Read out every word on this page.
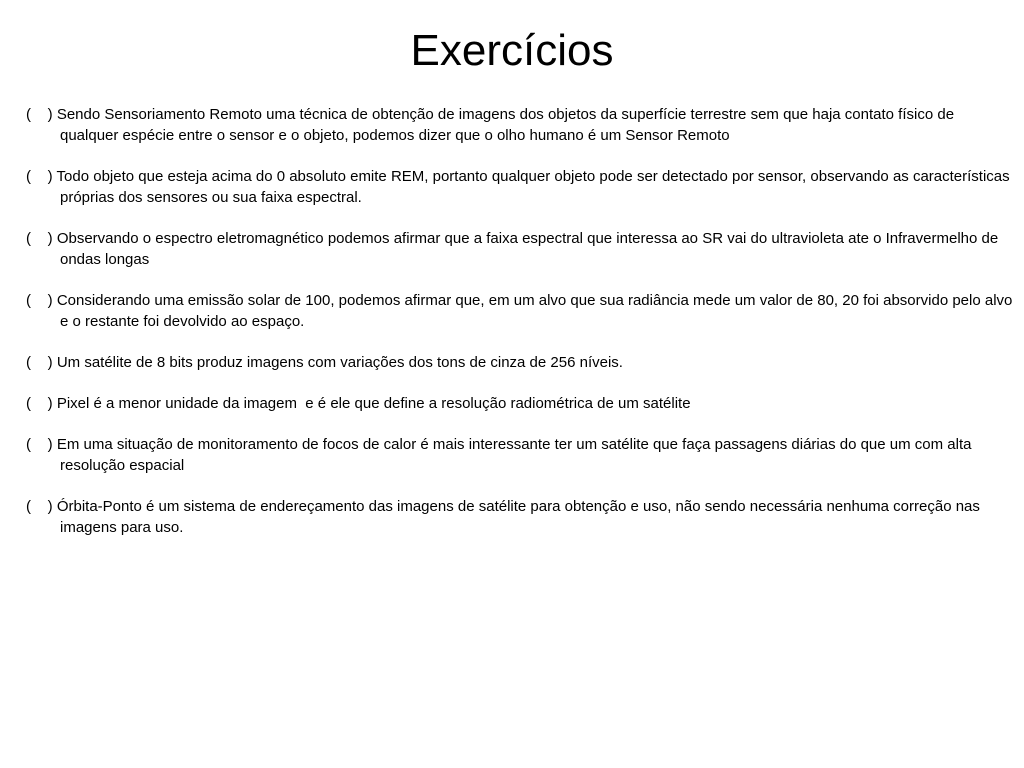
Exercícios
(    ) Sendo Sensoriamento Remoto uma técnica de obtenção de imagens dos objetos da superfície terrestre sem que haja contato físico de qualquer espécie entre o sensor e o objeto, podemos dizer que o olho humano é um Sensor Remoto
(    ) Todo objeto que esteja acima do 0 absoluto emite REM, portanto qualquer objeto pode ser detectado por sensor, observando as características próprias dos sensores ou sua faixa espectral.
(    ) Observando o espectro eletromagnético podemos afirmar que a faixa espectral que interessa ao SR vai do ultravioleta ate o Infravermelho de ondas longas
(    ) Considerando uma emissão solar de 100, podemos afirmar que, em um alvo que sua radiância mede um valor de 80, 20 foi absorvido pelo alvo e o restante foi devolvido ao espaço.
(    ) Um satélite de 8 bits produz imagens com variações dos tons de cinza de 256 níveis.
(    ) Pixel é a menor unidade da imagem  e é ele que define a resolução radiométrica de um satélite
(    ) Em uma situação de monitoramento de focos de calor é mais interessante ter um satélite que faça passagens diárias do que um com alta resolução espacial
(    ) Órbita-Ponto é um sistema de endereçamento das imagens de satélite para obtenção e uso, não sendo necessária nenhuma correção nas imagens para uso.
